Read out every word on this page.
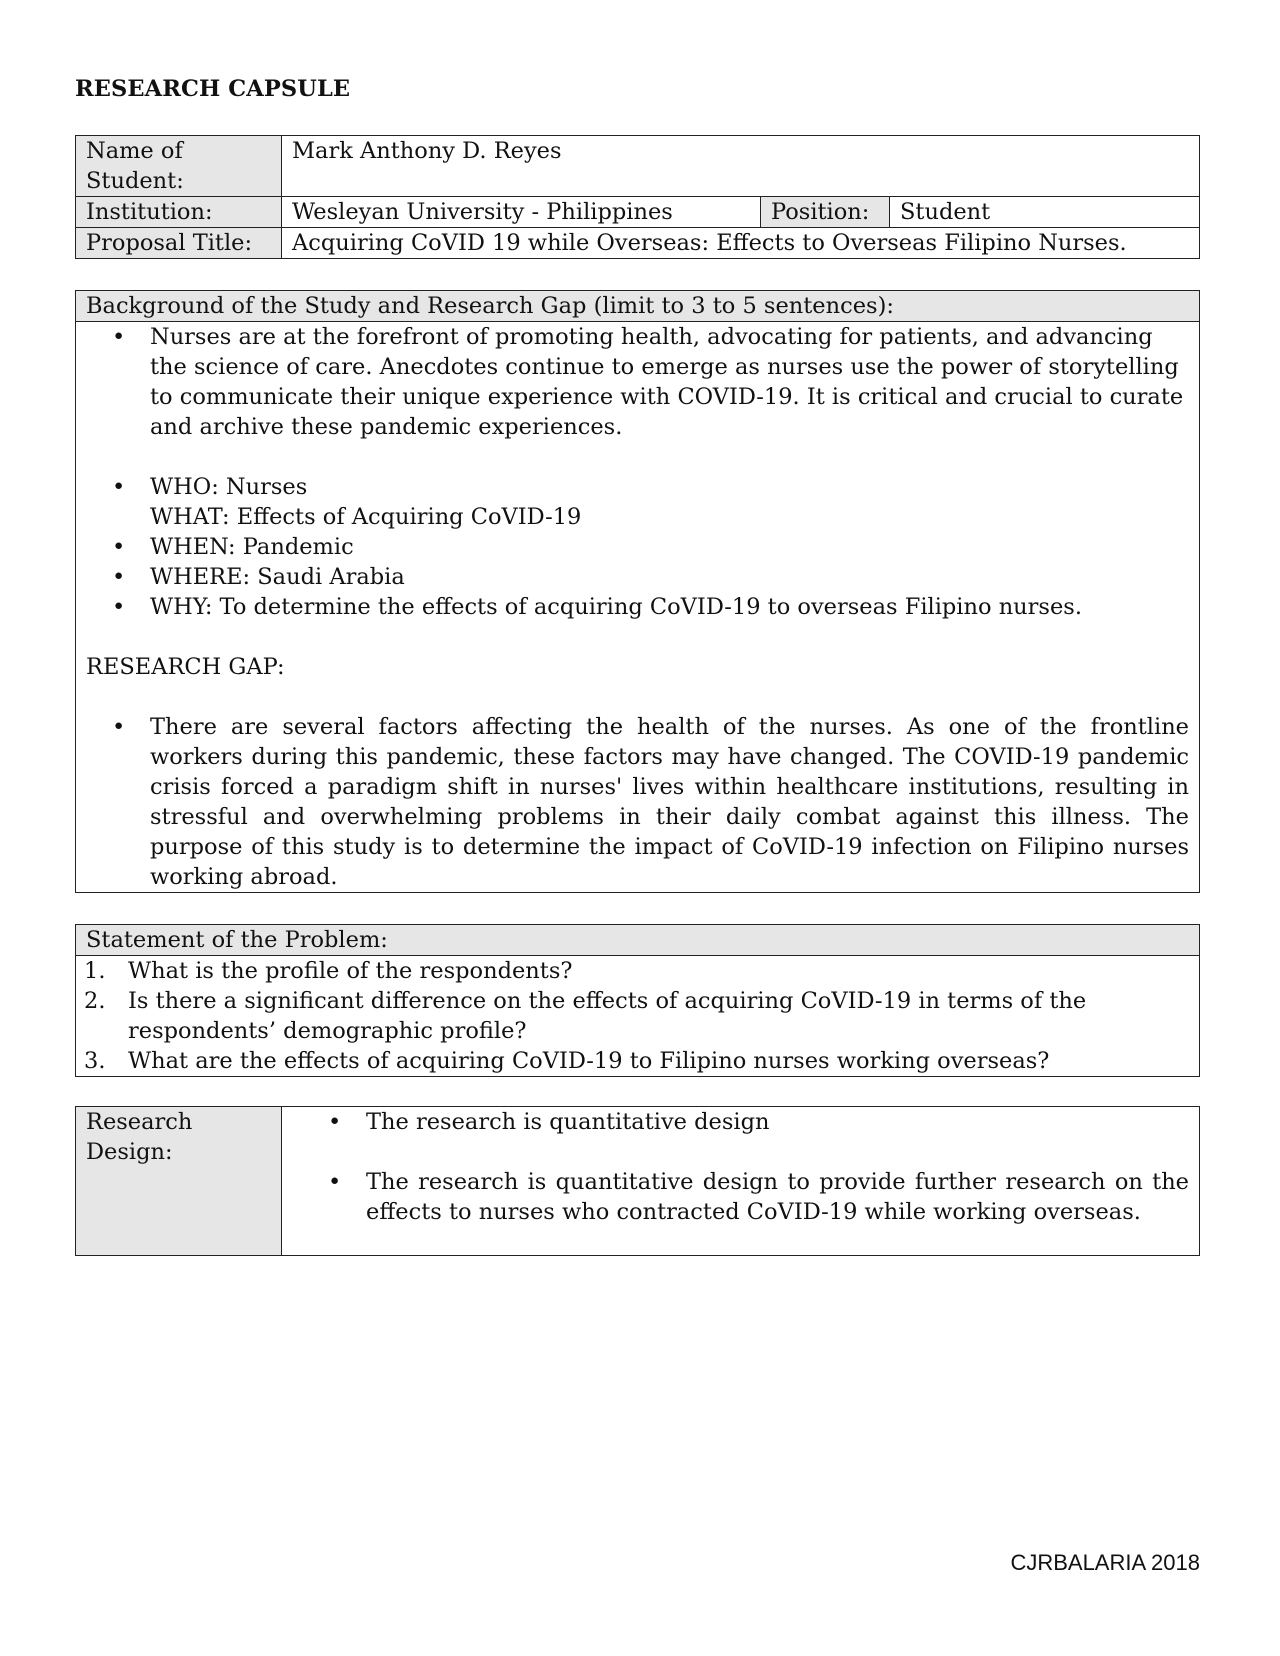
RESEARCH CAPSULE
Name of Student:	Mark Anthony D. Reyes		
Institution:	Wesleyan University - Philippines	Position:	Student
Proposal Title:	Acquiring CoVID 19 while Overseas: Effects to Overseas Filipino Nurses.		
Background of the Study and Research Gap (limit to 3 to 5 sentences):

• Nurses are at the forefront of promoting health, advocating for patients, and advancing the science of care. Anecdotes continue to emerge as nurses use the power of storytelling to communicate their unique experience with COVID-19. It is critical and crucial to curate and archive these pandemic experiences.
• WHO: Nurses
WHAT: Effects of Acquiring CoVID-19
• WHEN: Pandemic
• WHERE: Saudi Arabia
• WHY: To determine the effects of acquiring CoVID-19 to overseas Filipino nurses.

RESEARCH GAP:

• There are several factors affecting the health of the nurses. As one of the frontline workers during this pandemic, these factors may have changed. The COVID-19 pandemic crisis forced a paradigm shift in nurses' lives within healthcare institutions, resulting in stressful and overwhelming problems in their daily combat against this illness. The purpose of this study is to determine the impact of CoVID-19 infection on Filipino nurses working abroad.
Statement of the Problem:

1. What is the profile of the respondents?
2. Is there a significant difference on the effects of acquiring CoVID-19 in terms of the respondents’ demographic profile?
3. What are the effects of acquiring CoVID-19 to Filipino nurses working overseas?
Research Design:	
• The research is quantitative design
• The research is quantitative design to provide further research on the effects to nurses who contracted CoVID-19 while working overseas.
CJRBALARIA 2018
